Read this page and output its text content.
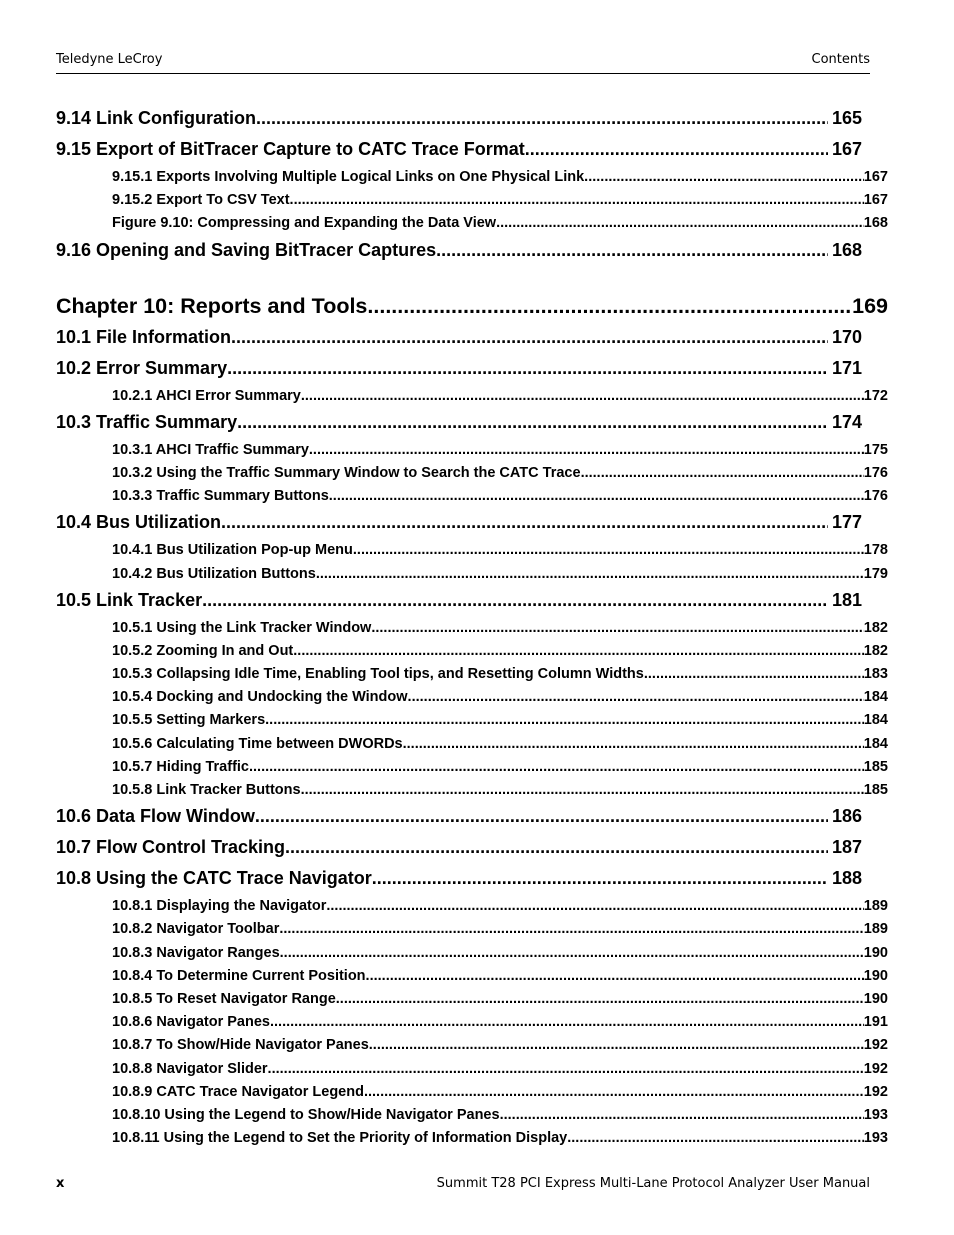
Teledyne LeCroy	Contents
9.14 Link Configuration .....	165
9.15 Export of BitTracer Capture to CATC Trace Format .....	167
9.15.1 Exports Involving Multiple Logical Links on One Physical Link .....	167
9.15.2 Export To CSV Text .....	167
Figure 9.10: Compressing and Expanding the Data View .....	168
9.16 Opening and Saving BitTracer Captures .....	168
Chapter 10: Reports and Tools .....	169
10.1 File Information .....	170
10.2 Error Summary .....	171
10.2.1 AHCI Error Summary .....	172
10.3 Traffic Summary .....	174
10.3.1 AHCI Traffic Summary .....	175
10.3.2 Using the Traffic Summary Window to Search the CATC Trace .....	176
10.3.3 Traffic Summary Buttons .....	176
10.4 Bus Utilization .....	177
10.4.1 Bus Utilization Pop-up Menu .....	178
10.4.2 Bus Utilization Buttons .....	179
10.5 Link Tracker .....	181
10.5.1 Using the Link Tracker Window .....	182
10.5.2 Zooming In and Out .....	182
10.5.3 Collapsing Idle Time, Enabling Tool tips, and Resetting Column Widths .....	183
10.5.4 Docking and Undocking the Window .....	184
10.5.5 Setting Markers .....	184
10.5.6 Calculating Time between DWORDs .....	184
10.5.7 Hiding Traffic .....	185
10.5.8 Link Tracker Buttons .....	185
10.6 Data Flow Window .....	186
10.7 Flow Control Tracking .....	187
10.8 Using the CATC Trace Navigator .....	188
10.8.1 Displaying the Navigator .....	189
10.8.2 Navigator Toolbar .....	189
10.8.3 Navigator Ranges .....	190
10.8.4 To Determine Current Position .....	190
10.8.5 To Reset Navigator Range .....	190
10.8.6 Navigator Panes .....	191
10.8.7 To Show/Hide Navigator Panes .....	192
10.8.8 Navigator Slider .....	192
10.8.9 CATC Trace Navigator Legend .....	192
10.8.10 Using the Legend to Show/Hide Navigator Panes .....	193
10.8.11 Using the Legend to Set the Priority of Information Display .....	193
x	Summit T28 PCI Express Multi-Lane Protocol Analyzer User Manual
